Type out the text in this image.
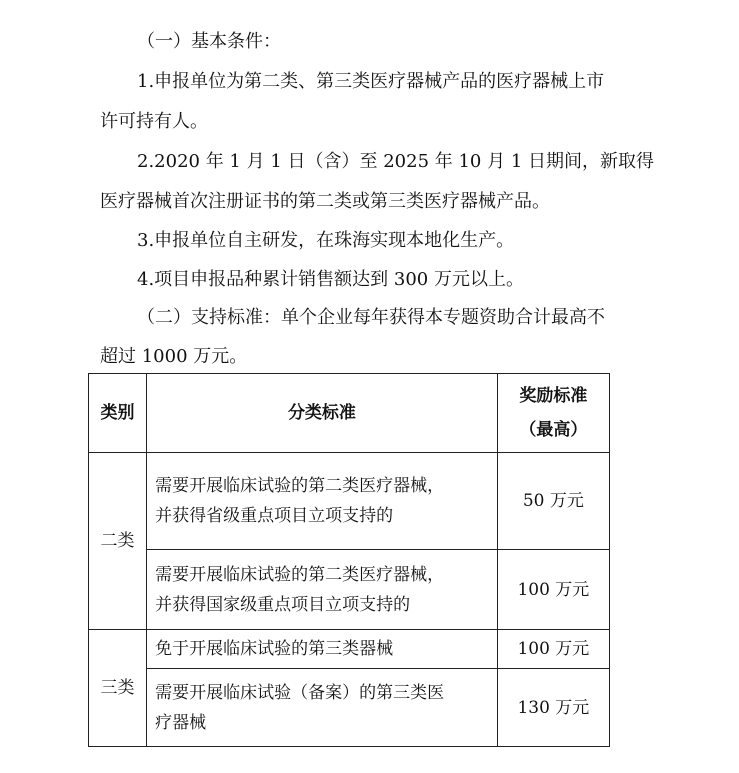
（一）基本条件：
1.申报单位为第二类、第三类医疗器械产品的医疗器械上市
许可持有人。
2.2020 年 1 月 1 日（含）至 2025 年 10 月 1 日期间，新取得
医疗器械首次注册证书的第二类或第三类医疗器械产品。
3.申报单位自主研发，在珠海实现本地化生产。
4.项目申报品种累计销售额达到 300 万元以上。
（二）支持标准：单个企业每年获得本专题资助合计最高不
超过 1000 万元。
类别	分类标准	奖励标准
（最高）

二类	需要开展临床试验的第二类医疗器械，
并获得省级重点项目立项支持的	50 万元

	需要开展临床试验的第二类医疗器械，
并获得国家级重点项目立项支持的	100 万元
三类	免于开展临床试验的第三类器械	100 万元

	需要开展临床试验（备案）的第三类医
疗器械	130 万元
